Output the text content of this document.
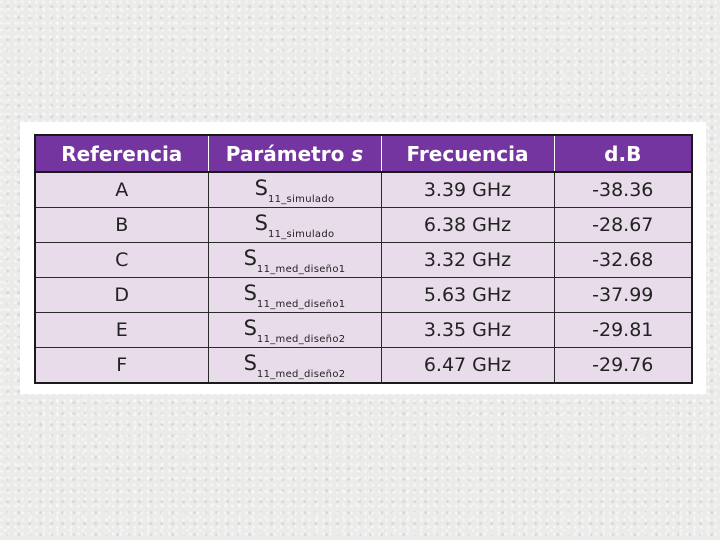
Referencia	Parámetro s	Frecuencia	d.B
A	$S_{11\_simulado}$	3.39 GHz	-38.36
B	$S_{11\_simulado}$	6.38 GHz	-28.67
C	$S_{11\_med\_diseño1}$	3.32 GHz	-32.68
D	$S_{11\_med\_diseño1}$	5.63 GHz	-37.99
E	$S_{11\_med\_diseño2}$	3.35 GHz	-29.81
F	$S_{11\_med\_diseño2}$	6.47 GHz	-29.76
